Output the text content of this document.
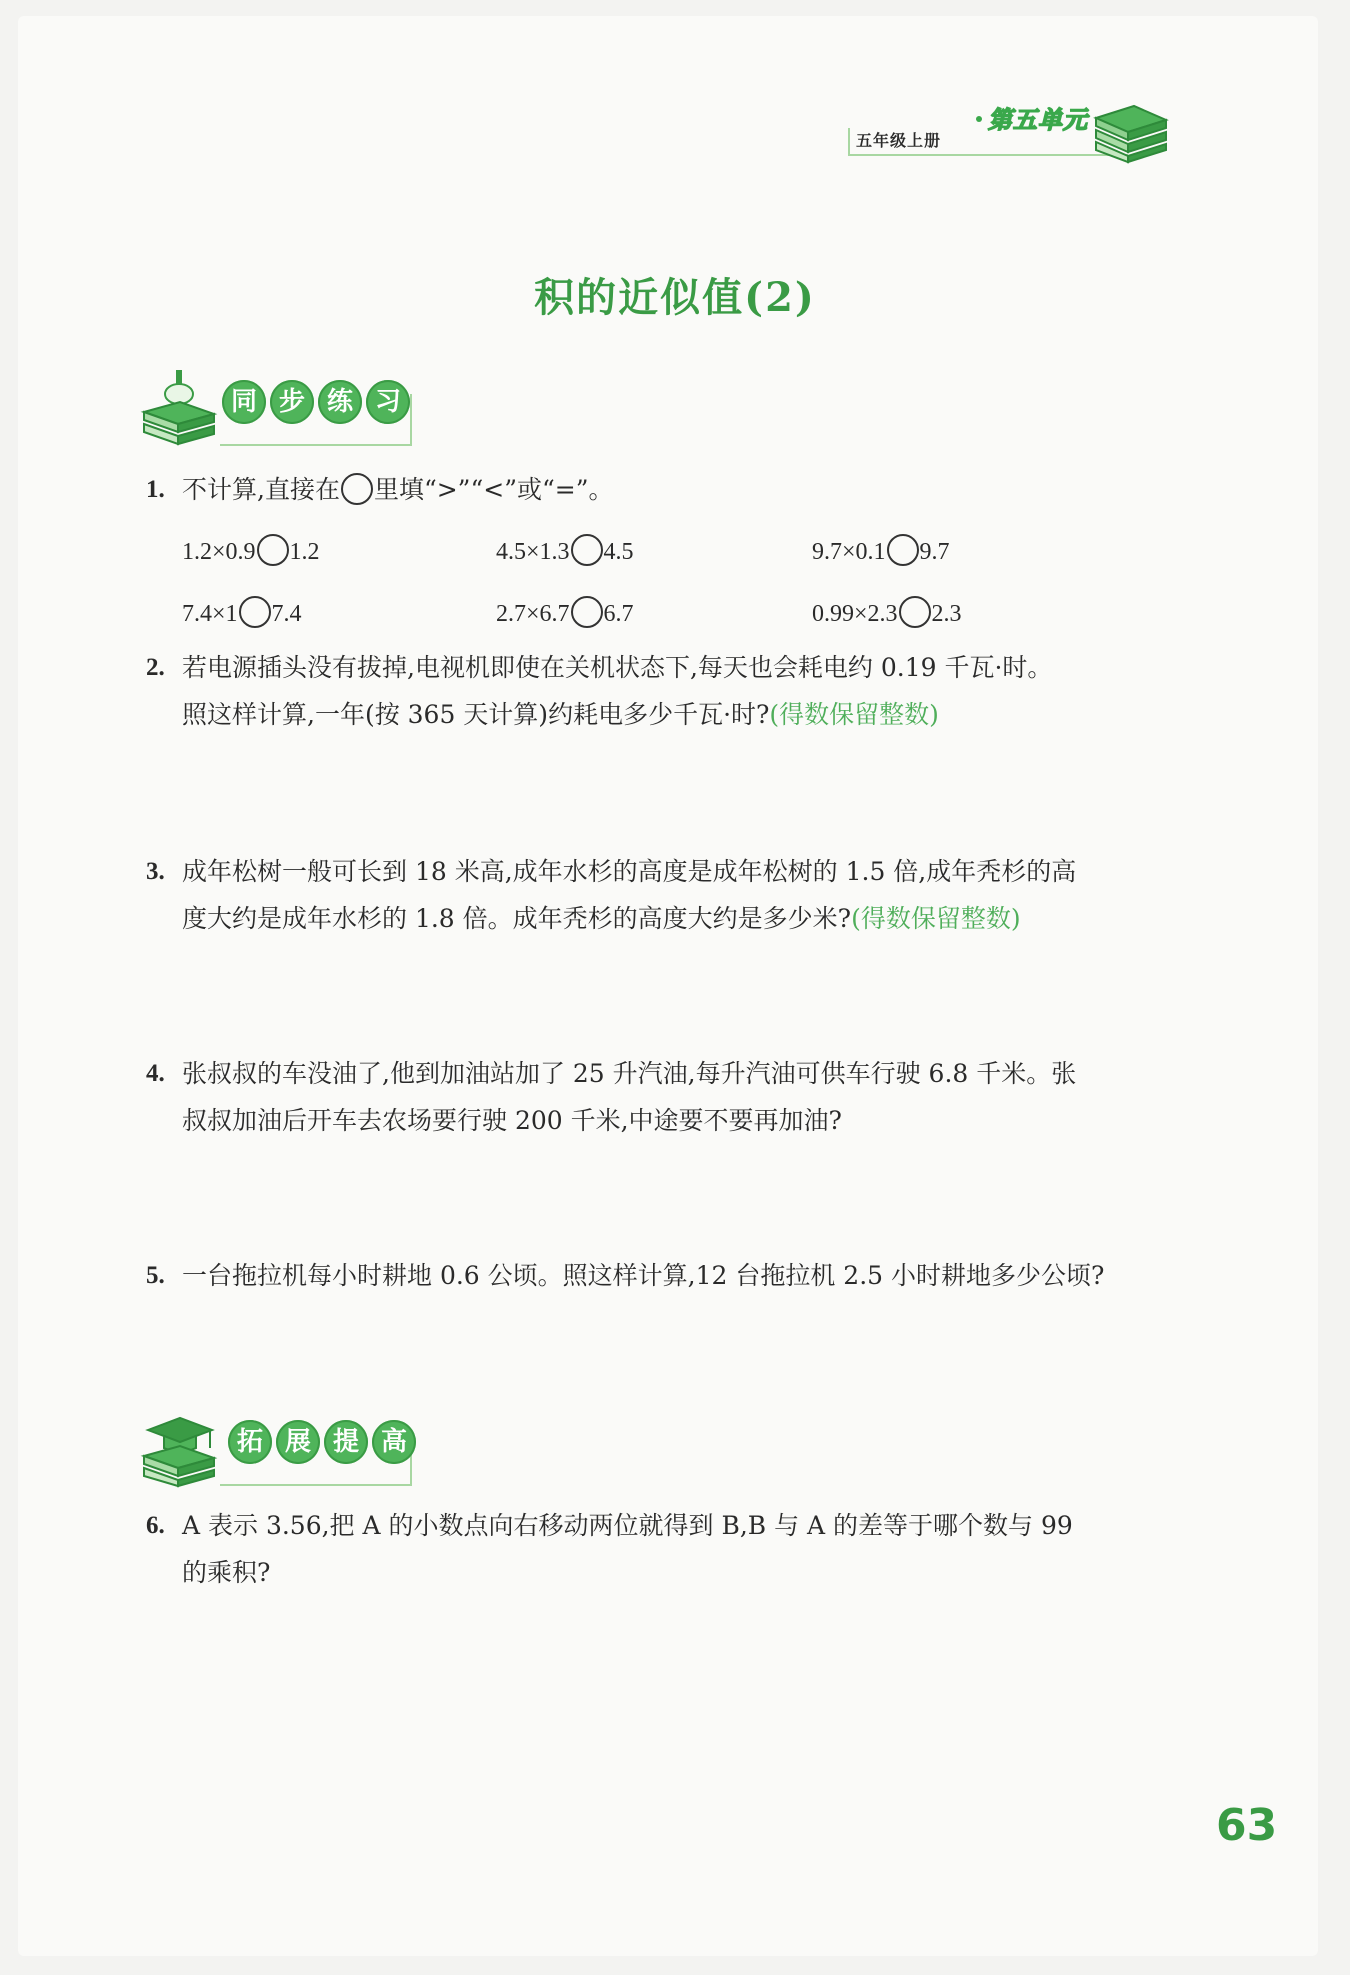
五年级上册
第五单元
积的近似值(2)
同 步 练 习
1. 不计算,直接在 里填“>”“<”或“=”。
1.2×0.9 1.2	4.5×1.3 4.5	9.7×0.1 9.7
7.4×1 7.4	2.7×6.7 6.7	0.99×2.3 2.3
2. 若电源插头没有拔掉,电视机即使在关机状态下,每天也会耗电约 0.19 千瓦·时。
照这样计算,一年(按 365 天计算)约耗电多少千瓦·时?(得数保留整数)
3. 成年松树一般可长到 18 米高,成年水杉的高度是成年松树的 1.5 倍,成年秃杉的高
度大约是成年水杉的 1.8 倍。成年秃杉的高度大约是多少米?(得数保留整数)
4. 张叔叔的车没油了,他到加油站加了 25 升汽油,每升汽油可供车行驶 6.8 千米。张
叔叔加油后开车去农场要行驶 200 千米,中途要不要再加油?
5. 一台拖拉机每小时耕地 0.6 公顷。照这样计算,12 台拖拉机 2.5 小时耕地多少公顷?
拓 展 提 高
6. A 表示 3.56,把 A 的小数点向右移动两位就得到 B,B 与 A 的差等于哪个数与 99
的乘积?
63
